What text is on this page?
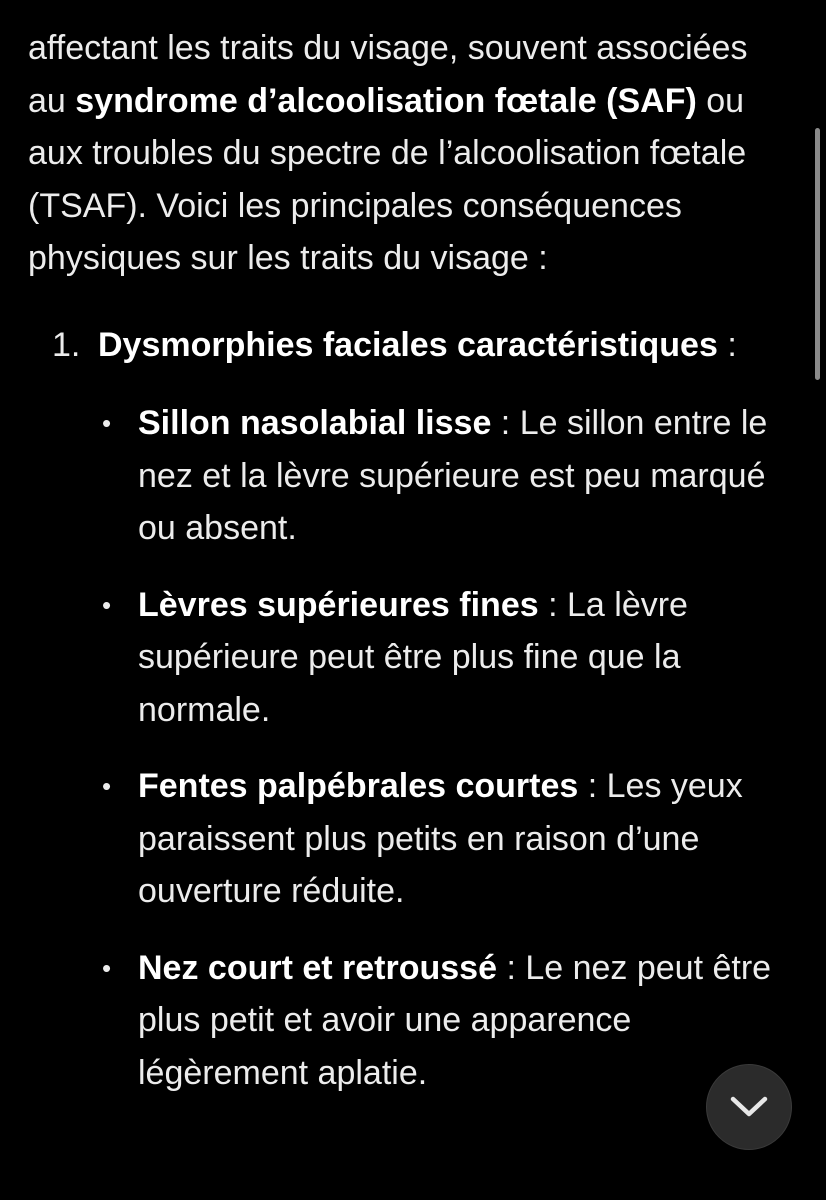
affectant les traits du visage, souvent associées au syndrome d’alcoolisation fœtale (SAF) ou aux troubles du spectre de l’alcoolisation fœtale (TSAF). Voici les principales conséquences physiques sur les traits du visage :

1. Dysmorphies faciales caractéristiques :
• Sillon nasolabial lisse : Le sillon entre le nez et la lèvre supérieure est peu marqué ou absent.
• Lèvres supérieures fines : La lèvre supérieure peut être plus fine que la normale.
• Fentes palpébrales courtes : Les yeux paraissent plus petits en raison d’une ouverture réduite.
• Nez court et retroussé : Le nez peut être plus petit et avoir une apparence légèrement aplatie.
